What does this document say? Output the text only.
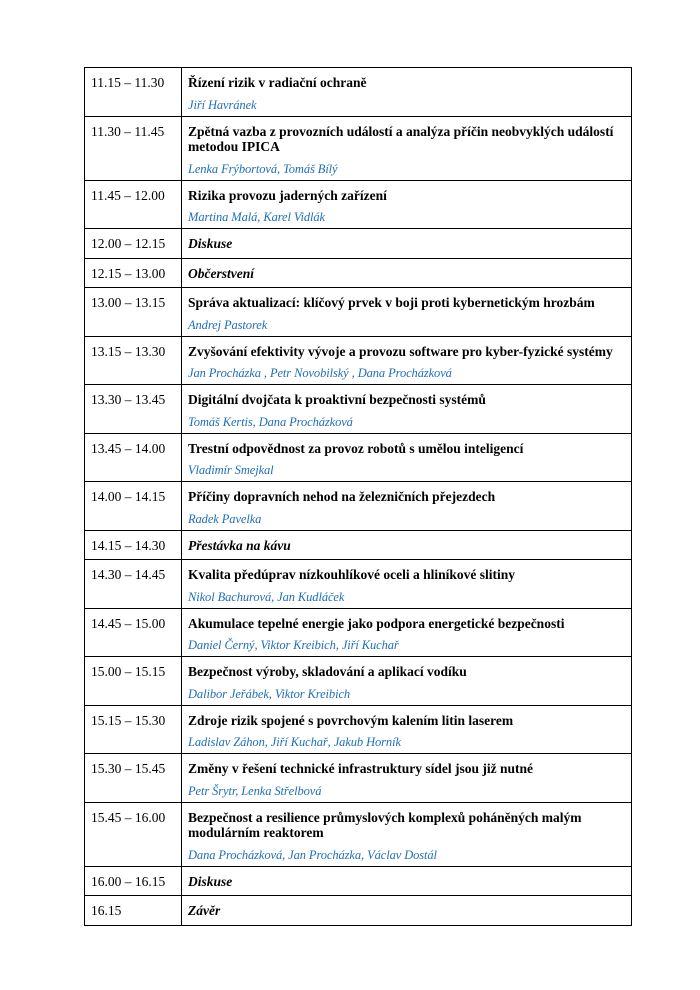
11.15 – 11.30	Řízení rizik v radiační ochraně
Jiří Havránek

11.30 – 11.45	Zpětná vazba z provozních událostí a analýza příčin neobvyklých událostí metodou IPICA
Lenka Frýbortová, Tomáš Bílý

11.45 – 12.00	Rizika provozu jaderných zařízení
Martina Malá, Karel Vidlák

12.00 – 12.15	Diskuse

12.15 – 13.00	Občerstvení

13.00 – 13.15	Správa aktualizací: klíčový prvek v boji proti kybernetickým hrozbám
Andrej Pastorek

13.15 – 13.30	Zvyšování efektivity vývoje a provozu software pro kyber-fyzické systémy
Jan Procházka , Petr Novobilský , Dana Procházková

13.30 – 13.45	Digitální dvojčata k proaktivní bezpečnosti systémů
Tomáš Kertis, Dana Procházková

13.45 – 14.00	Trestní odpovědnost za provoz robotů s umělou inteligencí
Vladimír Smejkal

14.00 – 14.15	Příčiny dopravních nehod na železničních přejezdech
Radek Pavelka

14.15 – 14.30	Přestávka na kávu

14.30 – 14.45	Kvalita předúprav nízkouhlíkové oceli a hliníkové slitiny
Nikol Bachurová, Jan Kudláček

14.45 – 15.00	Akumulace tepelné energie jako podpora energetické bezpečnosti
Daniel Černý, Viktor Kreibich, Jiří Kuchař

15.00 – 15.15	Bezpečnost výroby, skladování a aplikací vodíku
Dalibor Jeřábek, Viktor Kreibich

15.15 – 15.30	Zdroje rizik spojené s povrchovým kalením litin laserem
Ladislav Záhon, Jiří Kuchař, Jakub Horník

15.30 – 15.45	Změny v řešení technické infrastruktury sídel jsou již nutné
Petr Šrytr, Lenka Střelbová

15.45 – 16.00	Bezpečnost a resilience průmyslových komplexů poháněných malým modulárním reaktorem
Dana Procházková, Jan Procházka, Václav Dostál

16.00 – 16.15	Diskuse

16.15	Závěr
